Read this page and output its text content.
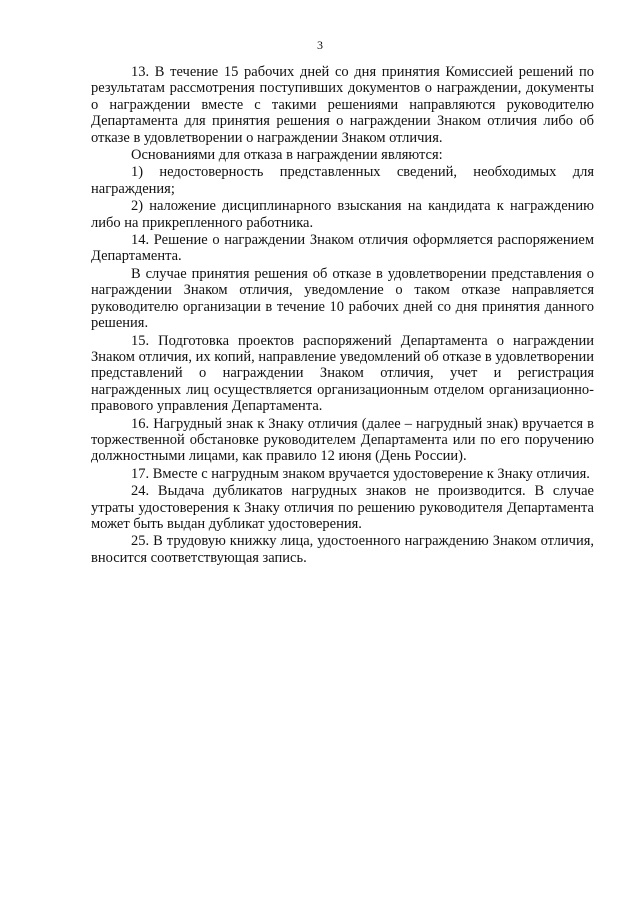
3

13. В течение 15 рабочих дней со дня принятия Комиссией решений по результатам рассмотрения поступивших документов о награждении, документы о награждении вместе с такими решениями направляются руководителю Департамента для принятия решения о награждении Знаком отличия либо об отказе в удовлетворении о награждении Знаком отличия.

Основаниями для отказа в награждении являются:

1) недостоверность представленных сведений, необходимых для награждения;

2) наложение дисциплинарного взыскания на кандидата к награждению либо на прикрепленного работника.

14. Решение о награждении Знаком отличия оформляется распоряжением Департамента.

В случае принятия решения об отказе в удовлетворении представления о награждении Знаком отличия, уведомление о таком отказе направляется руководителю организации в течение 10 рабочих дней со дня принятия данного решения.

15. Подготовка проектов распоряжений Департамента о награждении Знаком отличия, их копий, направление уведомлений об отказе в удовлетворении представлений о награждении Знаком отличия, учет и регистрация награжденных лиц осуществляется организационным отделом организационно-правового управления Департамента.

16. Нагрудный знак к Знаку отличия (далее – нагрудный знак) вручается в торжественной обстановке руководителем Департамента или по его поручению должностными лицами, как правило 12 июня (День России).

17. Вместе с нагрудным знаком вручается удостоверение к Знаку отличия.

24. Выдача дубликатов нагрудных знаков не производится. В случае утраты удостоверения к Знаку отличия по решению руководителя Департамента может быть выдан дубликат удостоверения.

25. В трудовую книжку лица, удостоенного награждению Знаком отличия, вносится соответствующая запись.
